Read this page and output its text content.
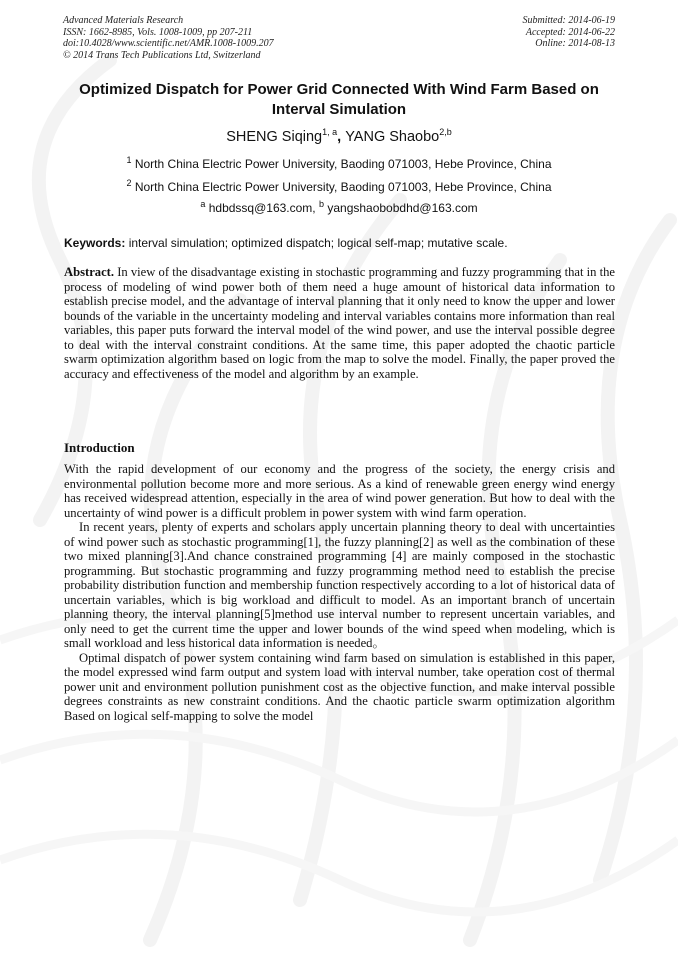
Advanced Materials Research
ISSN: 1662-8985, Vols. 1008-1009, pp 207-211
doi:10.4028/www.scientific.net/AMR.1008-1009.207
© 2014 Trans Tech Publications Ltd, Switzerland
Submitted: 2014-06-19
Accepted: 2014-06-22
Online: 2014-08-13
Optimized Dispatch for Power Grid Connected With Wind Farm Based on Interval Simulation
SHENG Siqing$^{1, a}$, YANG Shaobo$^{2,b}$
$^1$ North China Electric Power University, Baoding 071003, Hebe Province, China
$^2$ North China Electric Power University, Baoding 071003, Hebe Province, China
$^a$ hdbdssq@163.com, $^b$ yangshaobobdhd@163.com
Keywords: interval simulation; optimized dispatch; logical self-map; mutative scale.
Abstract. In view of the disadvantage existing in stochastic programming and fuzzy programming that in the process of modeling of wind power both of them need a huge amount of historical data information to establish precise model, and the advantage of interval planning that it only need to know the upper and lower bounds of the variable in the uncertainty modeling and interval variables contains more information than real variables, this paper puts forward the interval model of the wind power, and use the interval possible degree to deal with the interval constraint conditions. At the same time, this paper adopted the chaotic particle swarm optimization algorithm based on logic from the map to solve the model. Finally, the paper proved the accuracy and effectiveness of the model and algorithm by an example.
Introduction

With the rapid development of our economy and the progress of the society, the energy crisis and environmental pollution become more and more serious. As a kind of renewable green energy wind energy has received widespread attention, especially in the area of wind power generation. But how to deal with the uncertainty of wind power is a difficult problem in power system with wind farm operation.

In recent years, plenty of experts and scholars apply uncertain planning theory to deal with uncertainties of wind power such as stochastic programming[1], the fuzzy planning[2] as well as the combination of these two mixed planning[3].And chance constrained programming [4] are mainly composed in the stochastic programming. But stochastic programming and fuzzy programming method need to establish the precise probability distribution function and membership function respectively according to a lot of historical data of uncertain variables, which is big workload and difficult to model. As an important branch of uncertain planning theory, the interval planning[5]method use interval number to represent uncertain variables, and only need to get the current time the upper and lower bounds of the wind speed when modeling, which is small workload and less historical data information is needed。

Optimal dispatch of power system containing wind farm based on simulation is established in this paper, the model expressed wind farm output and system load with interval number, take operation cost of thermal power unit and environment pollution punishment cost as the objective function, and make interval possible degrees constraints as new constraint conditions. And the chaotic particle swarm optimization algorithm Based on logical self-mapping to solve the model
